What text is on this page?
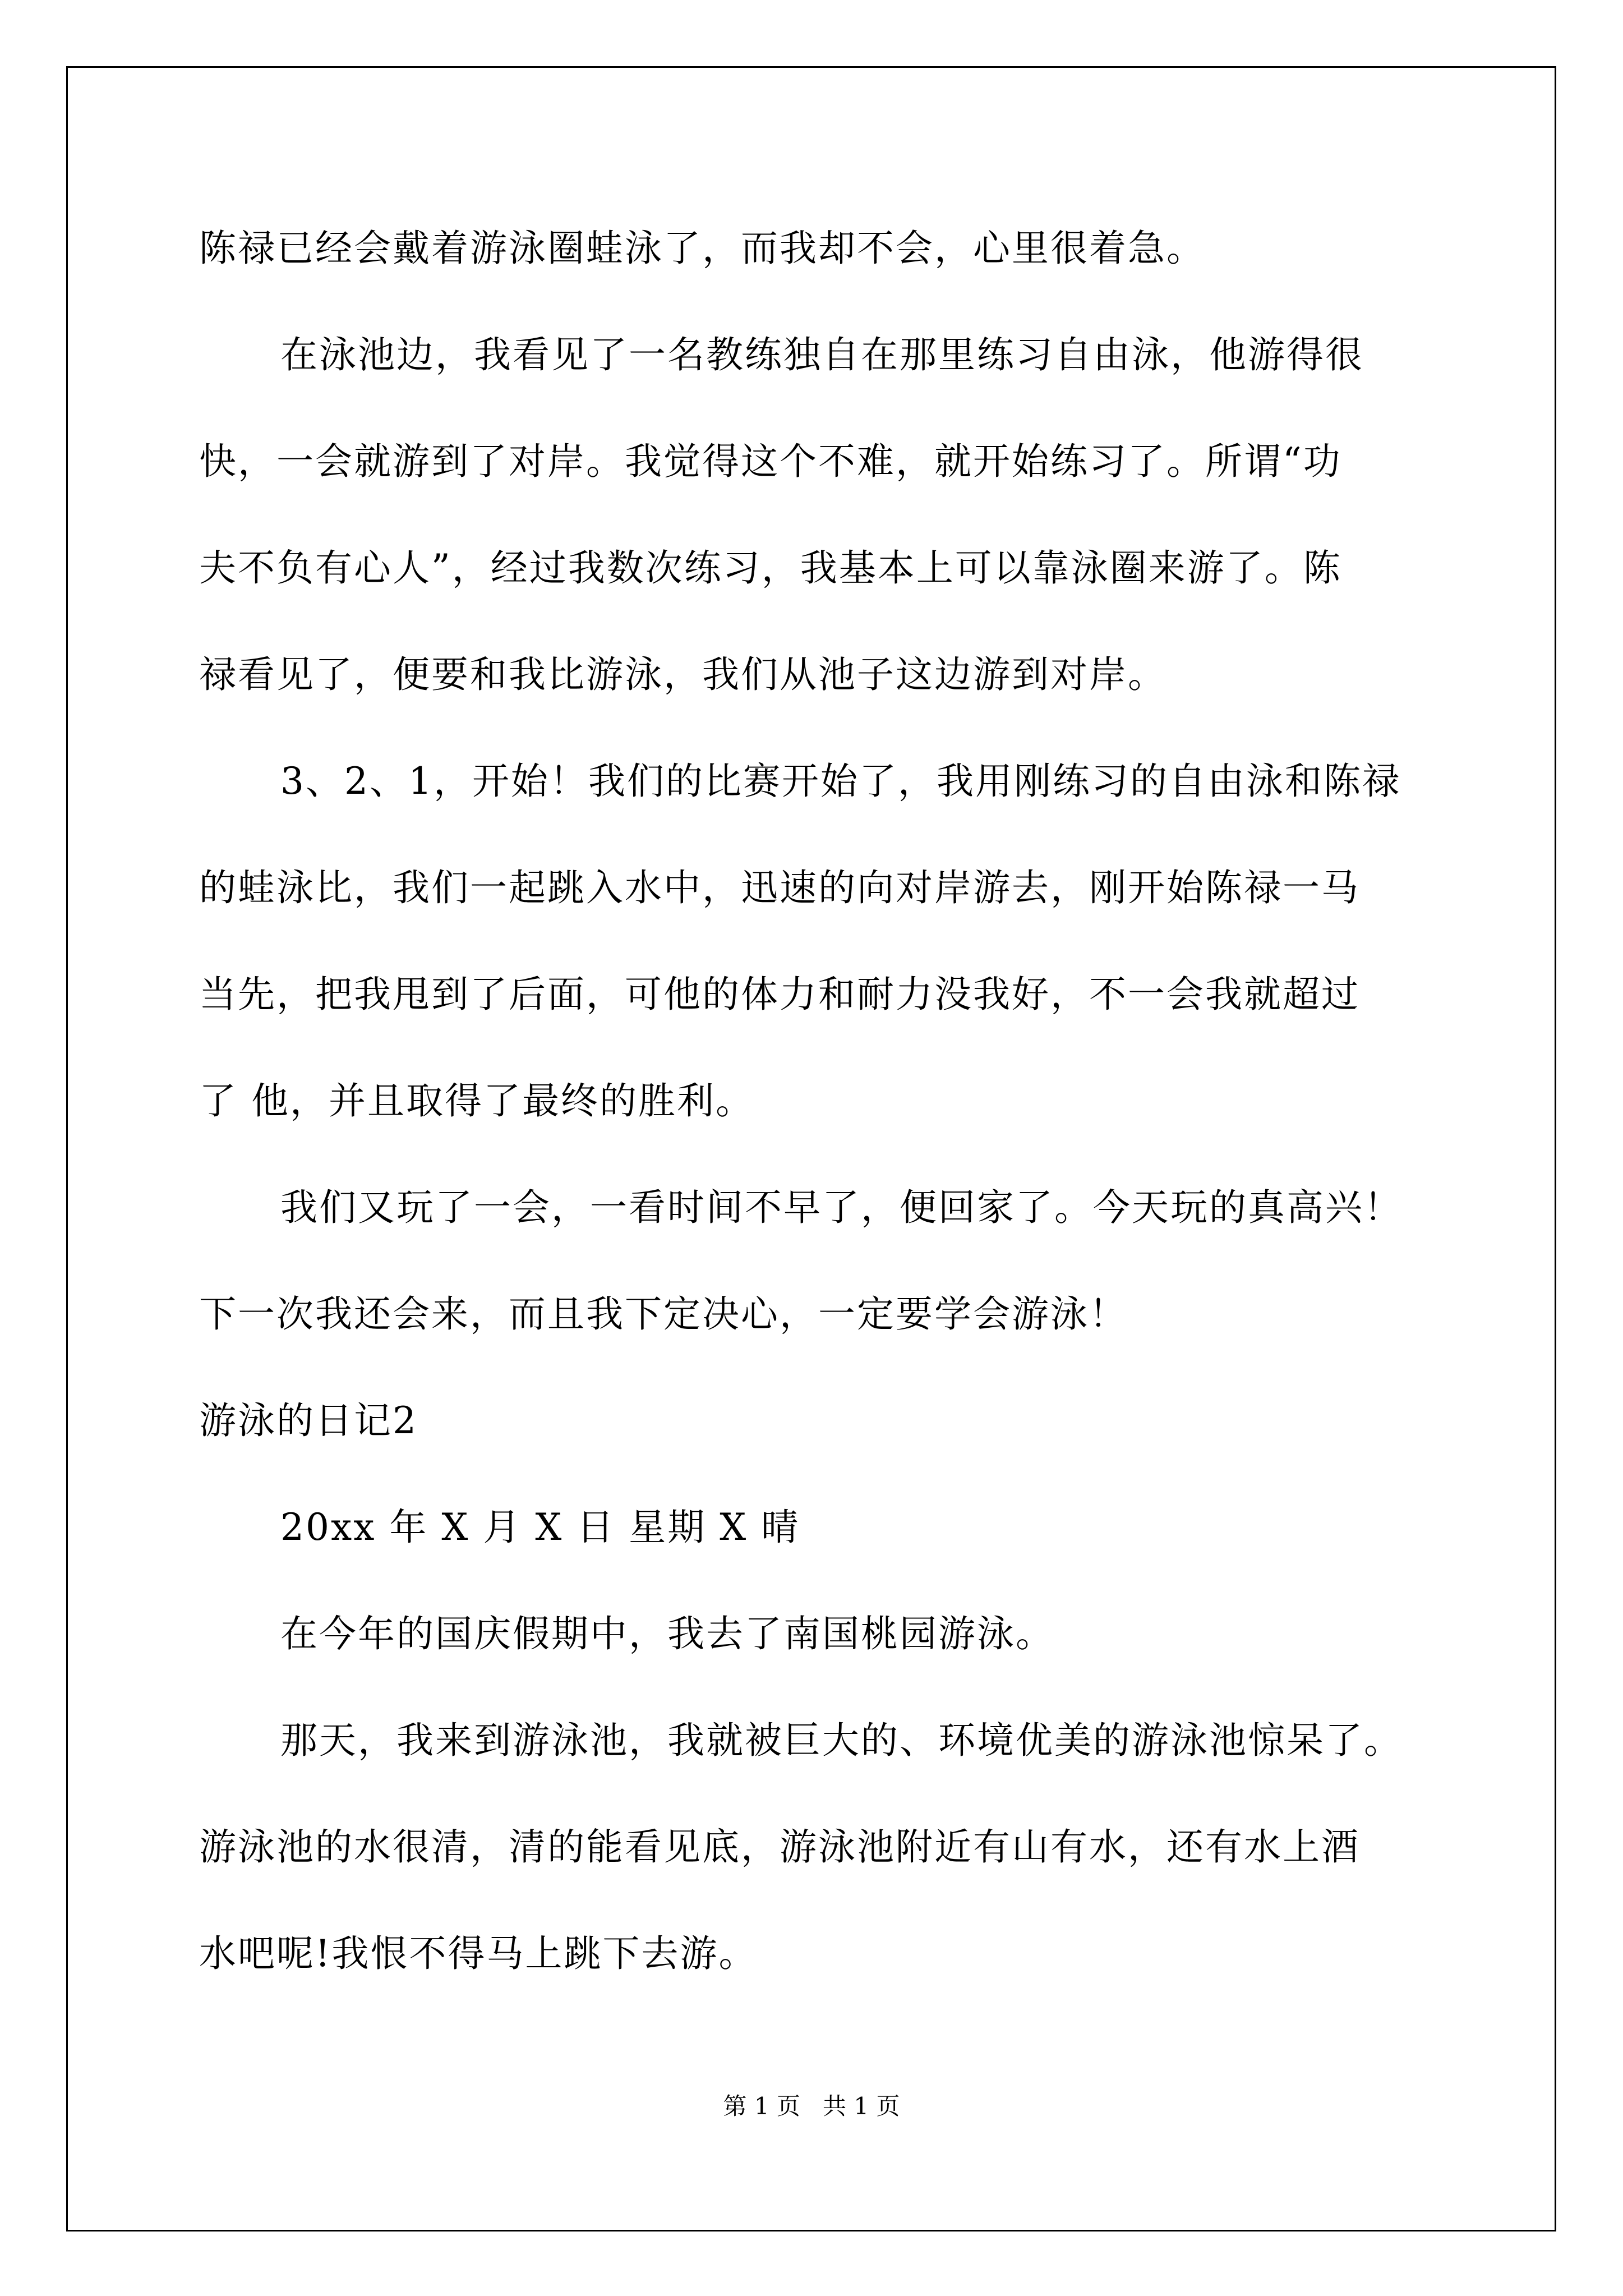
陈禄已经会戴着游泳圈蛙泳了，而我却不会，心里很着急。
在泳池边，我看见了一名教练独自在那里练习自由泳，他游得很
快，一会就游到了对岸。我觉得这个不难，就开始练习了。所谓“功
夫不负有心人”，经过我数次练习，我基本上可以靠泳圈来游了。陈
禄看见了，便要和我比游泳，我们从池子这边游到对岸。
3、2、1，开始！我们的比赛开始了，我用刚练习的自由泳和陈禄
的蛙泳比，我们一起跳入水中，迅速的向对岸游去，刚开始陈禄一马
当先，把我甩到了后面，可他的体力和耐力没我好，不一会我就超过
了 他，并且取得了最终的胜利。
我们又玩了一会，一看时间不早了，便回家了。今天玩的真高兴！
下一次我还会来，而且我下定决心，一定要学会游泳！
游泳的日记2
20xx 年 X 月 X 日 星期 X 晴
在今年的国庆假期中，我去了南国桃园游泳。
那天，我来到游泳池，我就被巨大的、环境优美的游泳池惊呆了。
游泳池的水很清，清的能看见底，游泳池附近有山有水，还有水上酒
水吧呢!我恨不得马上跳下去游。
第 1 页   共 1 页
